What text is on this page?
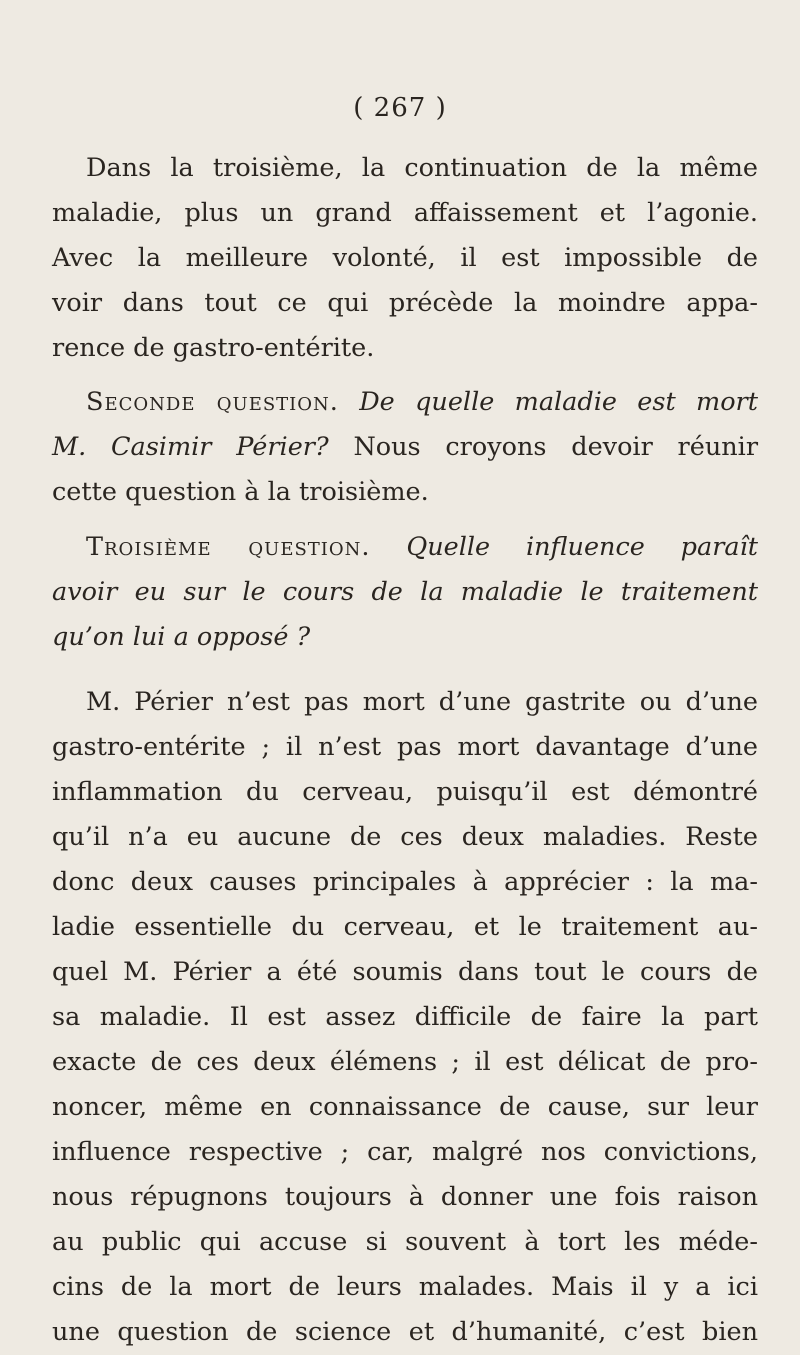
( 267 )
Dans la troisième, la continuation de la même
maladie, plus un grand affaissement et l’agonie.
Avec la meilleure volonté, il est impossible de
voir dans tout ce qui précède la moindre appa-
rence de gastro-entérite.
Seconde question. De quelle maladie est mort
M. Casimir Périer? Nous croyons devoir réunir
cette question à la troisième.
Troisième question. Quelle influence paraît
avoir eu sur le cours de la maladie le traitement
qu’on lui a opposé ?
M. Périer n’est pas mort d’une gastrite ou d’une
gastro-entérite ; il n’est pas mort davantage d’une
inflammation du cerveau, puisqu’il est démontré
qu’il n’a eu aucune de ces deux maladies. Reste
donc deux causes principales à apprécier : la ma-
ladie essentielle du cerveau, et le traitement au-
quel M. Périer a été soumis dans tout le cours de
sa maladie. Il est assez difficile de faire la part
exacte de ces deux élémens ; il est délicat de pro-
noncer, même en connaissance de cause, sur leur
influence respective ; car, malgré nos convictions,
nous répugnons toujours à donner une fois raison
au public qui accuse si souvent à tort les méde-
cins de la mort de leurs malades. Mais il y a ici
une question de science et d’humanité, c’est bien
